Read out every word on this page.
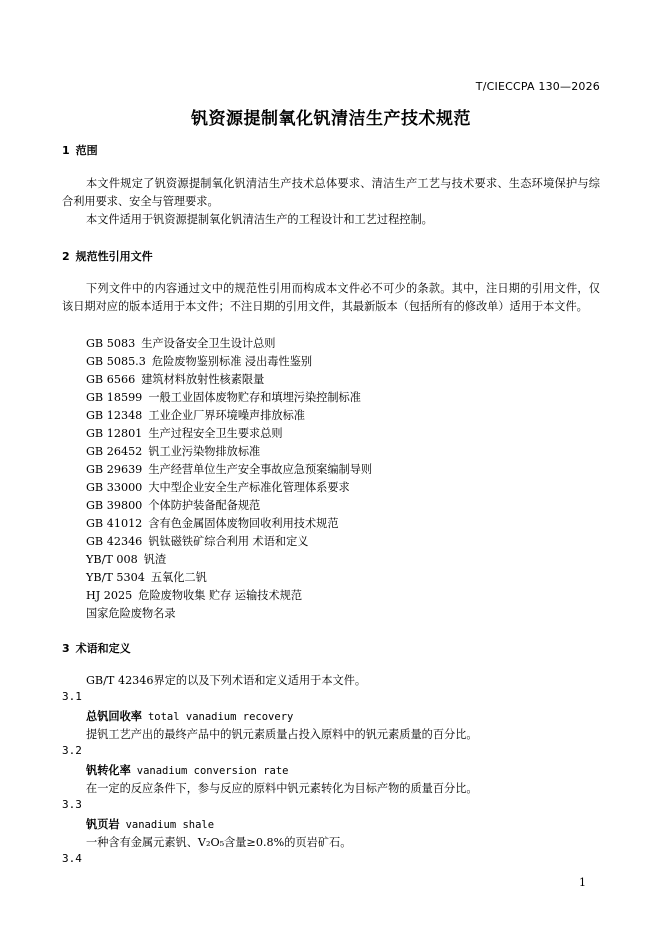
T/CIECCPA 130—2026
钒资源提制氧化钒清洁生产技术规范
1 范围
本文件规定了钒资源提制氧化钒清洁生产技术总体要求、清洁生产工艺与技术要求、生态环境保护与综合利用要求、安全与管理要求。
本文件适用于钒资源提制氧化钒清洁生产的工程设计和工艺过程控制。
2 规范性引用文件
下列文件中的内容通过文中的规范性引用而构成本文件必不可少的条款。其中，注日期的引用文件，仅该日期对应的版本适用于本文件；不注日期的引用文件，其最新版本（包括所有的修改单）适用于本文件。
GB 5083 生产设备安全卫生设计总则
GB 5085.3 危险废物鉴别标准 浸出毒性鉴别
GB 6566 建筑材料放射性核素限量
GB 18599 一般工业固体废物贮存和填埋污染控制标准
GB 12348 工业企业厂界环境噪声排放标准
GB 12801 生产过程安全卫生要求总则
GB 26452 钒工业污染物排放标准
GB 29639 生产经营单位生产安全事故应急预案编制导则
GB 33000 大中型企业安全生产标准化管理体系要求
GB 39800 个体防护装备配备规范
GB 41012 含有色金属固体废物回收利用技术规范
GB 42346 钒钛磁铁矿综合利用 术语和定义
YB/T 008 钒渣
YB/T 5304 五氧化二钒
HJ 2025 危险废物收集 贮存 运输技术规范
国家危险废物名录
3 术语和定义
GB/T 42346界定的以及下列术语和定义适用于本文件。
3.1
总钒回收率 total vanadium recovery
提钒工艺产出的最终产品中的钒元素质量占投入原料中的钒元素质量的百分比。
3.2
钒转化率 vanadium conversion rate
在一定的反应条件下，参与反应的原料中钒元素转化为目标产物的质量百分比。
3.3
钒页岩 vanadium shale
一种含有金属元素钒、V₂O₅含量≥0.8%的页岩矿石。
3.4
1
